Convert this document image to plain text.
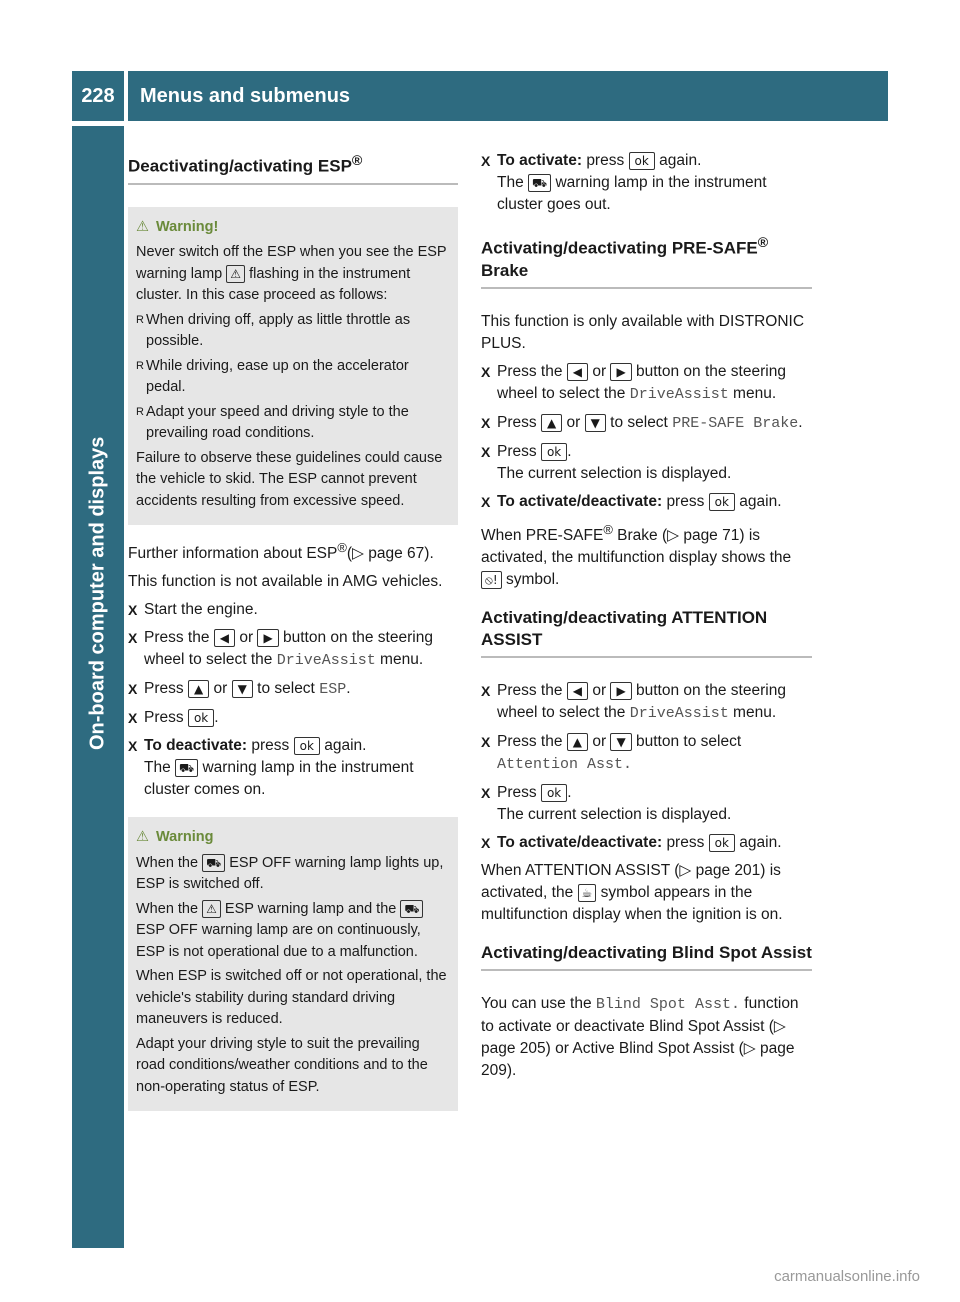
228	Menus and submenus
On-board computer and displays
Deactivating/activating ESP®
⚠ Warning!

Never switch off the ESP when you see the ESP warning lamp ⚠ flashing in the instrument cluster. In this case proceed as follows:

R When driving off, apply as little throttle as possible.
R While driving, ease up on the accelerator pedal.
R Adapt your speed and driving style to the prevailing road conditions.

Failure to observe these guidelines could cause the vehicle to skid. The ESP cannot prevent accidents resulting from excessive speed.

Further information about ESP®(▷ page 67).

This function is not available in AMG vehicles.

X Start the engine.
X Press the ◀ or ▶ button on the steering wheel to select the DriveAssist menu.
X Press ▲ or ▼ to select ESP.
X Press ok .
X To deactivate: press ok again.
The ⛟ warning lamp in the instrument cluster comes on.
⚠ Warning

When the ⛟ ESP OFF warning lamp lights up, ESP is switched off.

When the ⚠ ESP warning lamp and the ⛟ ESP OFF warning lamp are on continuously, ESP is not operational due to a malfunction.

When ESP is switched off or not operational, the vehicle's stability during standard driving maneuvers is reduced.

Adapt your driving style to suit the prevailing road conditions/weather conditions and to the non-operating status of ESP.

X To activate: press ok again.
The ⛟ warning lamp in the instrument cluster goes out.
Activating/deactivating PRE-SAFE®
Brake

This function is only available with DISTRONIC PLUS.

X Press the ◀ or ▶ button on the steering wheel to select the DriveAssist menu.
X Press ▲ or ▼ to select PRE-SAFE Brake.
X Press ok .
The current selection is displayed.
X To activate/deactivate: press ok again.

When PRE-SAFE® Brake (▷ page 71) is activated, the multifunction display shows the ⦸! symbol.

Activating/deactivating ATTENTION ASSIST
X Press the ◀ or ▶ button on the steering wheel to select the DriveAssist menu.
X Press the ▲ or ▼ button to select Attention Asst.
X Press ok .
The current selection is displayed.
X To activate/deactivate: press ok again.

When ATTENTION ASSIST (▷ page 201) is activated, the ☕ symbol appears in the multifunction display when the ignition is on.

Activating/deactivating Blind Spot Assist

You can use the Blind Spot Asst. function to activate or deactivate Blind Spot Assist (▷ page 205) or Active Blind Spot Assist (▷ page 209).

carmanualsonline.info
